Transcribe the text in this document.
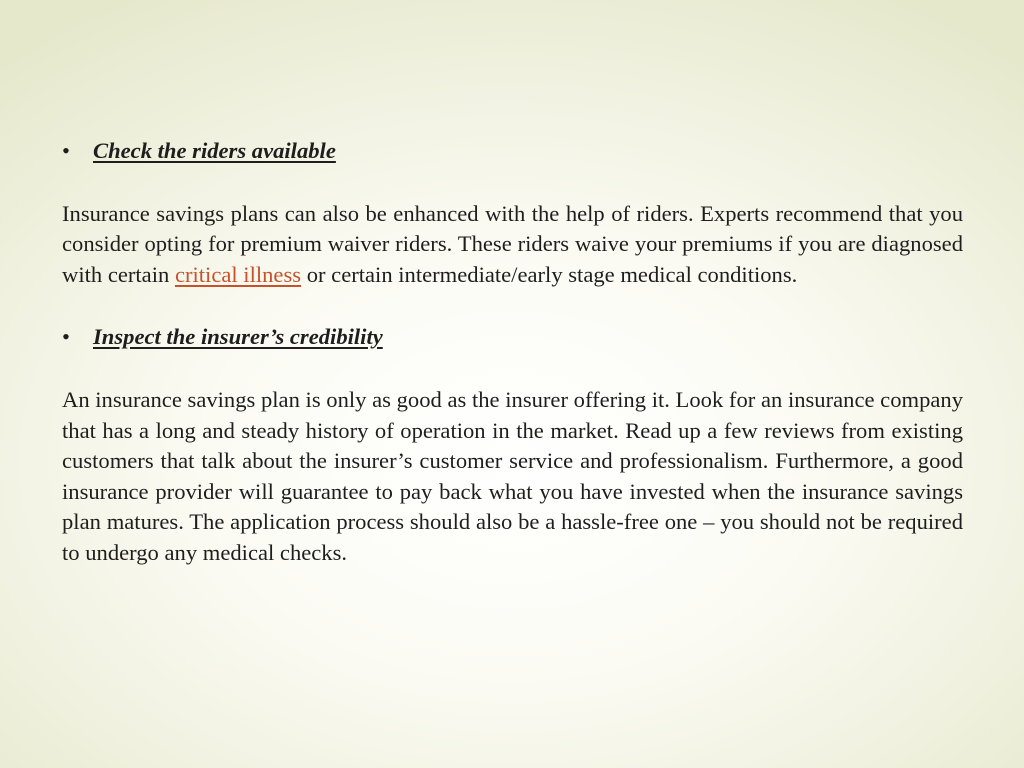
•	Check the riders available

Insurance savings plans can also be enhanced with the help of riders. Experts recommend that you consider opting for premium waiver riders. These riders waive your premiums if you are diagnosed with certain critical illness or certain intermediate/early stage medical conditions.

•	Inspect the insurer’s credibility

An insurance savings plan is only as good as the insurer offering it. Look for an insurance company that has a long and steady history of operation in the market. Read up a few reviews from existing customers that talk about the insurer’s customer service and professionalism. Furthermore, a good insurance provider will guarantee to pay back what you have invested when the insurance savings plan matures. The application process should also be a hassle-free one – you should not be required to undergo any medical checks.
